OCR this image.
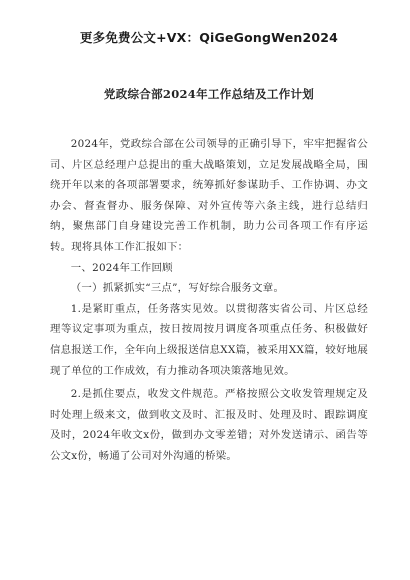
更多免费公文+VX：QiGeGongWen2024
党政综合部2024年工作总结及工作计划

2024年，党政综合部在公司领导的正确引导下，牢牢把握省公司、片区总经理户总提出的重大战略策划，立足发展战略全局，围绕开年以来的各项部署要求，统筹抓好参谋助手、工作协调、办文办会、督查督办、服务保障、对外宣传等六条主线，进行总结归纳，聚焦部门自身建设完善工作机制，助力公司各项工作有序运转。现将具体工作汇报如下：

一、2024年工作回顾

（一）抓紧抓实“三点”，写好综合服务文章。

1.是紧盯重点，任务落实见效。以贯彻落实省公司、片区总经理等议定事项为重点，按日按周按月调度各项重点任务、积极做好信息报送工作，全年向上级报送信息XX篇，被采用XX篇，较好地展现了单位的工作成效，有力推动各项决策落地见效。

2.是抓住要点，收发文件规范。严格按照公文收发管理规定及时处理上级来文，做到收文及时、汇报及时、处理及时、跟踪调度及时，2024年收文x份，做到办文零差错；对外发送请示、函告等公文x份，畅通了公司对外沟通的桥梁。
